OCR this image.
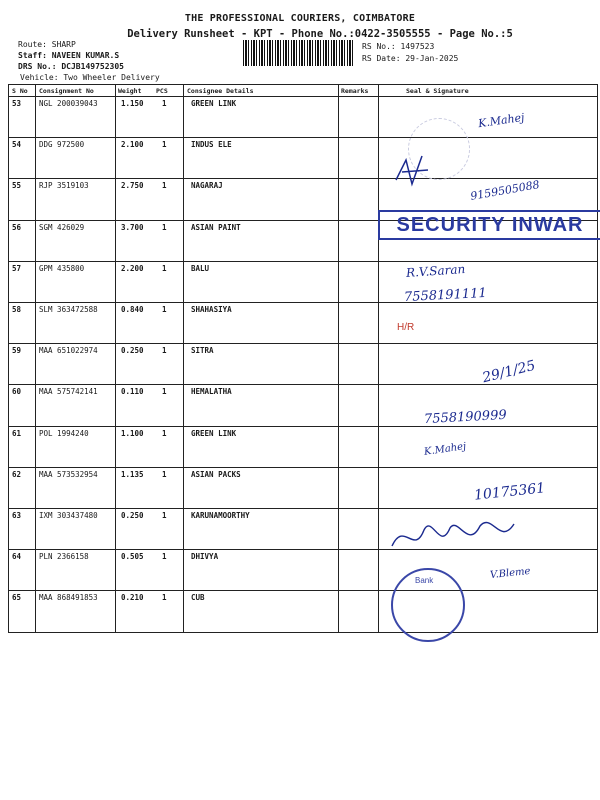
THE PROFESSIONAL COURIERS, COIMBATORE
Delivery Runsheet - KPT - Phone No.:0422-3505555 - Page No.:5
Route: SHARP
Staff: NAVEEN KUMAR.S
DRS No.: DCJB149752305
Vehicle: Two Wheeler Delivery
RS No.: 1497523
RS Date: 29-Jan-2025
S No Consignment No	Weight PCS	Consignee Details	Remarks	Seal & Signature
53 NGL 200039043	1.150 1	GREEN LINK
54 DDG 972500	2.100 1	INDUS ELE
55 RJP 3519103	2.750 1	NAGARAJ
56 SGM 426029	3.700 1	ASIAN PAINT
57 GPM 435800	2.200 1	BALU
58 SLM 363472588	0.840 1	SHAHASIYA
59 MAA 651022974	0.250 1	SITRA
60 MAA 575742141	0.110 1	HEMALATHA
61 POL 1994240	1.100 1	GREEN LINK
62 MAA 573532954	1.135 1	ASIAN PACKS
63 IXM 303437480	0.250 1	KARUNAMOORTHY
64 PLN 2366158	0.505 1	DHIVYA
65 MAA 868491853	0.210 1	CUB
K.Mahej
9159505088
SECURITY INWAR
R.V.Saran
7558191111
H/R
29/1/25
7558190999
K.Mahej
10175361
V.Bleme
Bank
